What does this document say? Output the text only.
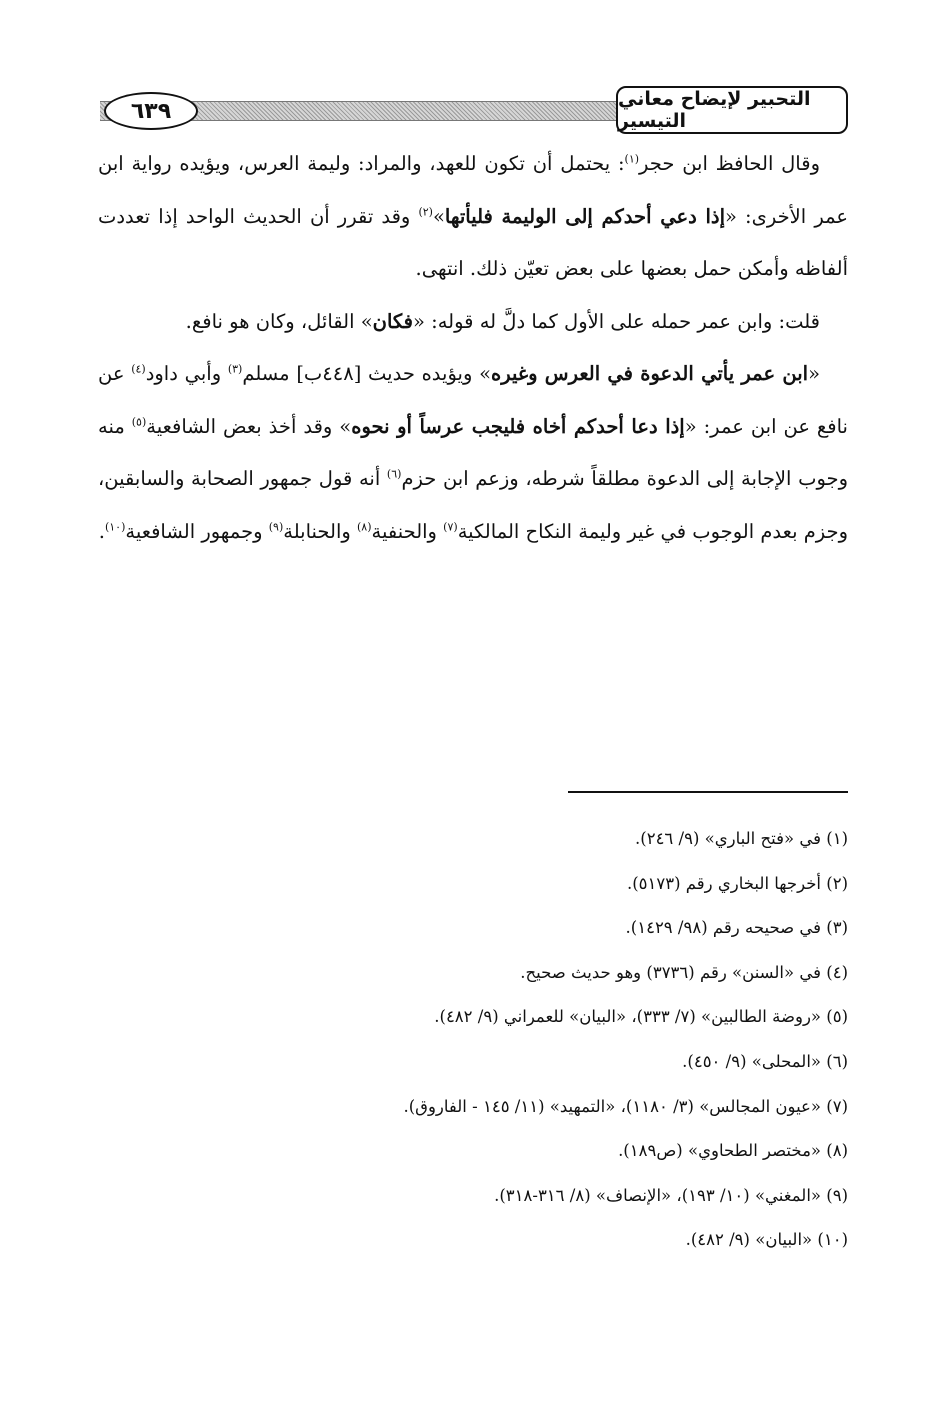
٦٣٩	التحبير لإيضاح معاني التيسير

وقال الحافظ ابن حجر$^{(١)}$: يحتمل أن تكون للعهد، والمراد: وليمة العرس، ويؤيده رواية ابن عمر الأخرى: «إذا دعي أحدكم إلى الوليمة فليأتها»$^{(٢)}$ وقد تقرر أن الحديث الواحد إذا تعددت ألفاظه وأمكن حمل بعضها على بعض تعيّن ذلك. انتهى.

قلت: وابن عمر حمله على الأول كما دلَّ له قوله: «فكان» القائل، وكان هو نافع.

«ابن عمر يأتي الدعوة في العرس وغيره» ويؤيده حديث [٤٤٨ب] مسلم$^{(٣)}$ وأبي داود$^{(٤)}$ عن نافع عن ابن عمر: «إذا دعا أحدكم أخاه فليجب عرساً أو نحوه» وقد أخذ بعض الشافعية$^{(٥)}$ منه وجوب الإجابة إلى الدعوة مطلقاً شرطه، وزعم ابن حزم$^{(٦)}$ أنه قول جمهور الصحابة والسابقين، وجزم بعدم الوجوب في غير وليمة النكاح المالكية$^{(٧)}$ والحنفية$^{(٨)}$ والحنابلة$^{(٩)}$ وجمهور الشافعية$^{(١٠)}$.

(١) في «فتح الباري» (٩/ ٢٤٦).

(٢) أخرجها البخاري رقم (٥١٧٣).

(٣) في صحيحه رقم (٩٨/ ١٤٢٩).

(٤) في «السنن» رقم (٣٧٣٦) وهو حديث صحيح.

(٥) «روضة الطالبين» (٧/ ٣٣٣)، «البيان» للعمراني (٩/ ٤٨٢).

(٦) «المحلى» (٩/ ٤٥٠).

(٧) «عيون المجالس» (٣/ ١١٨٠)، «التمهيد» (١١/ ١٤٥ - الفاروق).

(٨) «مختصر الطحاوي» (ص١٨٩).

(٩) «المغني» (١٠/ ١٩٣)، «الإنصاف» (٨/ ٣١٦-٣١٨).

(١٠) «البيان» (٩/ ٤٨٢).
